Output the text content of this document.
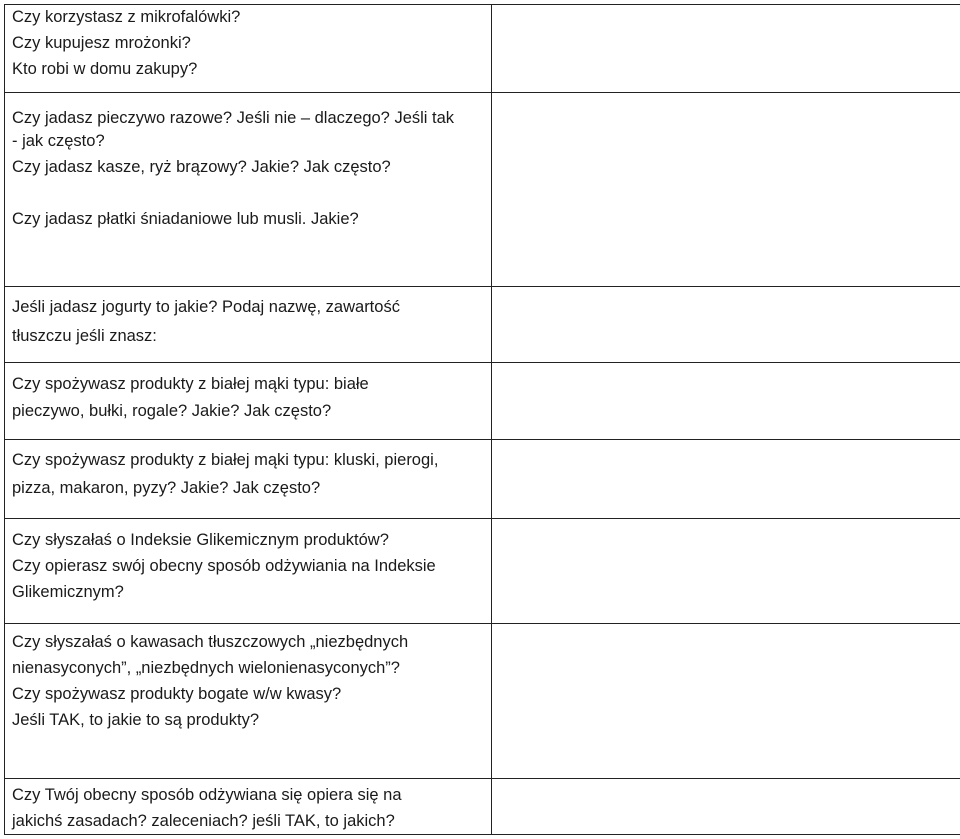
Czy korzystasz z mikrofalówki?
Czy kupujesz mrożonki?
Kto robi w domu zakupy?	

Czy jadasz pieczywo razowe? Jeśli nie – dlaczego? Jeśli tak
- jak często?
Czy jadasz kasze, ryż brązowy? Jakie? Jak często?
Czy jadasz płatki śniadaniowe lub musli. Jakie?	

Jeśli jadasz jogurty to jakie? Podaj nazwę, zawartość
tłuszczu jeśli znasz:	

Czy spożywasz produkty z białej mąki typu: białe
pieczywo, bułki, rogale? Jakie? Jak często?	

Czy spożywasz produkty z białej mąki typu: kluski, pierogi,
pizza, makaron, pyzy? Jakie? Jak często?	

Czy słyszałaś o Indeksie Glikemicznym produktów?
Czy opierasz swój obecny sposób odżywiania na Indeksie
Glikemicznym?	

Czy słyszałaś o kawasach tłuszczowych „niezbędnych
nienasyconych”, „niezbędnych wielonienasyconych”?
Czy spożywasz produkty bogate w/w kwasy?
Jeśli TAK, to jakie to są produkty?	

Czy Twój obecny sposób odżywiana się opiera się na
jakichś zasadach? zaleceniach? jeśli TAK, to jakich?	
